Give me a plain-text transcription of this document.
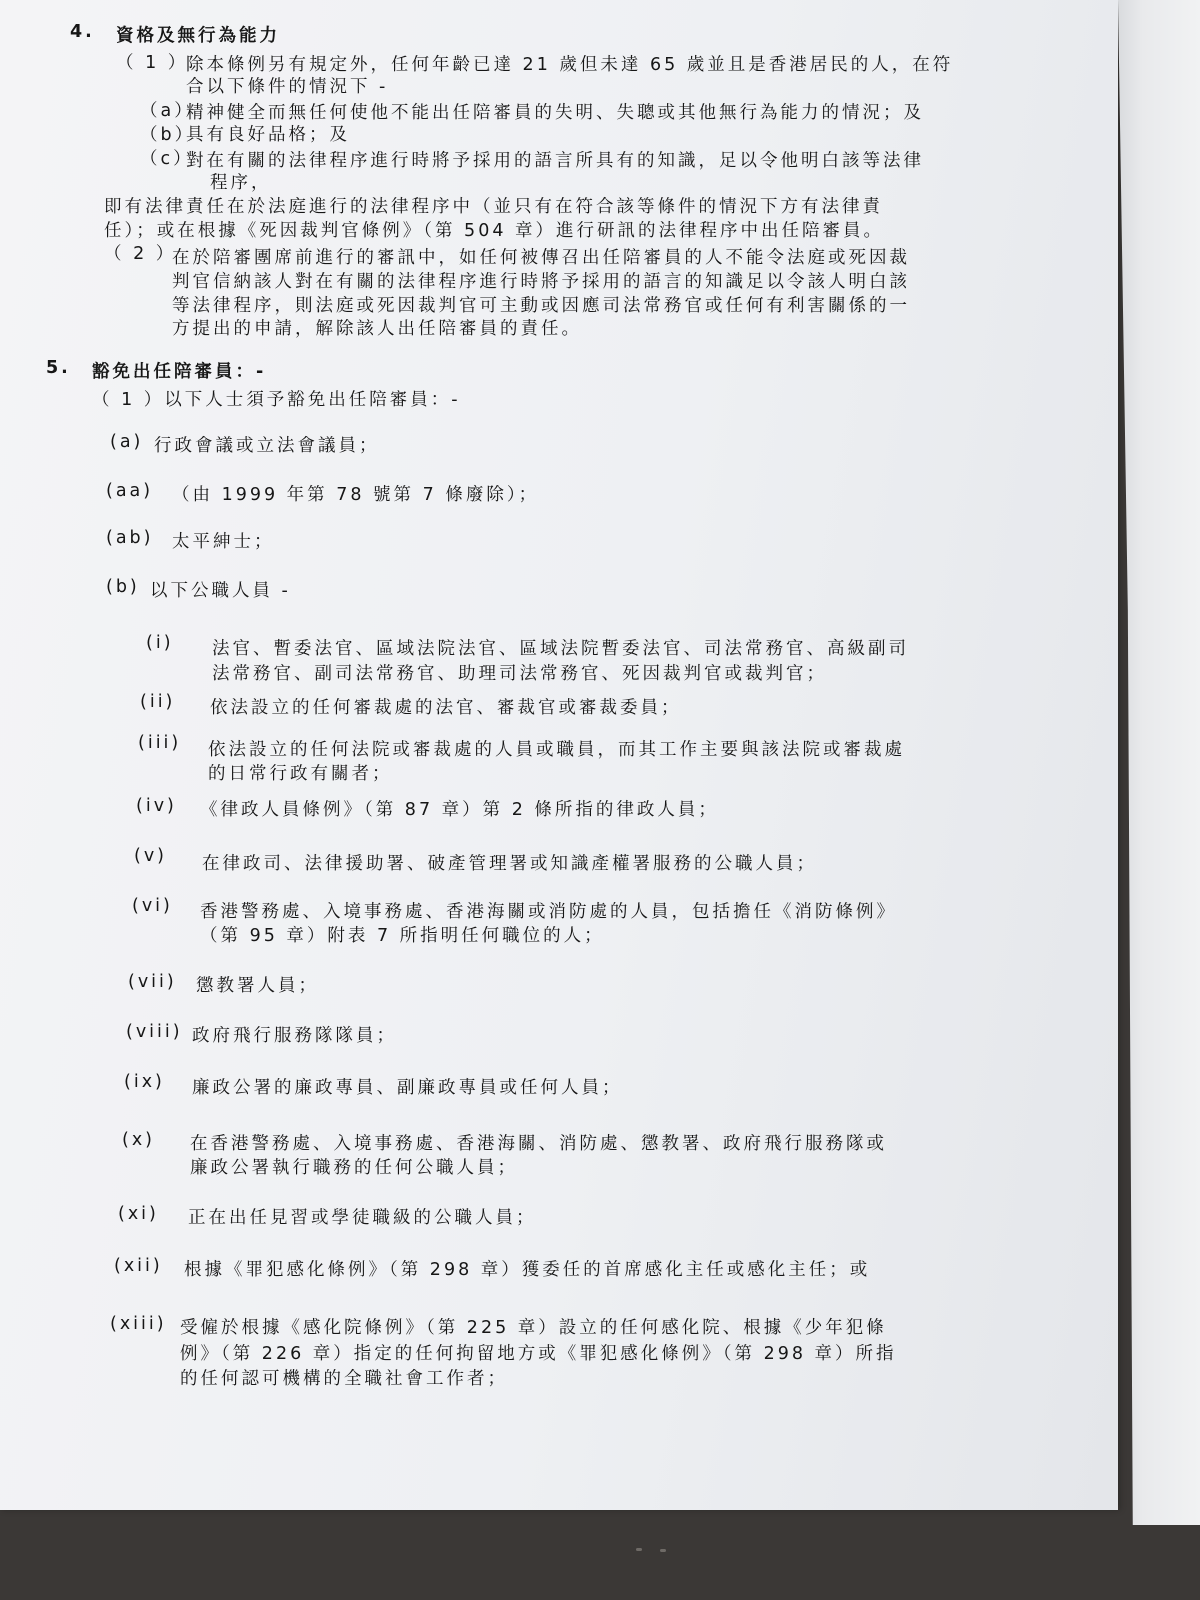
4. 資格及無行為能力
（ 1 ）
除本條例另有規定外，任何年齡已達 21 歲但未達 65 歲並且是香港居民的人，在符
合以下條件的情況下 -
（a）
精神健全而無任何使他不能出任陪審員的失明、失聰或其他無行為能力的情況；及
（b）
具有良好品格；及
（c）
對在有關的法律程序進行時將予採用的語言所具有的知識，足以令他明白該等法律
程序，
即有法律責任在於法庭進行的法律程序中（並只有在符合該等條件的情況下方有法律責
任）；或在根據《死因裁判官條例》（第 504 章）進行研訊的法律程序中出任陪審員。
（ 2 ）
在於陪審團席前進行的審訊中，如任何被傳召出任陪審員的人不能令法庭或死因裁
判官信納該人對在有關的法律程序進行時將予採用的語言的知識足以令該人明白該
等法律程序，則法庭或死因裁判官可主動或因應司法常務官或任何有利害關係的一
方提出的申請，解除該人出任陪審員的責任。
5. 豁免出任陪審員：-
（ 1 ）以下人士須予豁免出任陪審員：-
(a) 行政會議或立法會議員；
(aa) （由 1999 年第 78 號第 7 條廢除）；
(ab) 太平紳士；
(b) 以下公職人員 -
(i) 法官、暫委法官、區域法院法官、區域法院暫委法官、司法常務官、高級副司
法常務官、副司法常務官、助理司法常務官、死因裁判官或裁判官；
(ii) 依法設立的任何審裁處的法官、審裁官或審裁委員；
(iii) 依法設立的任何法院或審裁處的人員或職員，而其工作主要與該法院或審裁處
的日常行政有關者；
(iv) 《律政人員條例》（第 87 章）第 2 條所指的律政人員；
(v) 在律政司、法律援助署、破產管理署或知識產權署服務的公職人員；
(vi) 香港警務處、入境事務處、香港海關或消防處的人員，包括擔任《消防條例》
（第 95 章）附表 7 所指明任何職位的人；
(vii) 懲教署人員；
(viii) 政府飛行服務隊隊員；
(ix) 廉政公署的廉政專員、副廉政專員或任何人員；
(x) 在香港警務處、入境事務處、香港海關、消防處、懲教署、政府飛行服務隊或
廉政公署執行職務的任何公職人員；
(xi) 正在出任見習或學徒職級的公職人員；
(xii) 根據《罪犯感化條例》（第 298 章）獲委任的首席感化主任或感化主任；或
(xiii) 受僱於根據《感化院條例》（第 225 章）設立的任何感化院、根據《少年犯條
例》（第 226 章）指定的任何拘留地方或《罪犯感化條例》（第 298 章）所指
的任何認可機構的全職社會工作者；
